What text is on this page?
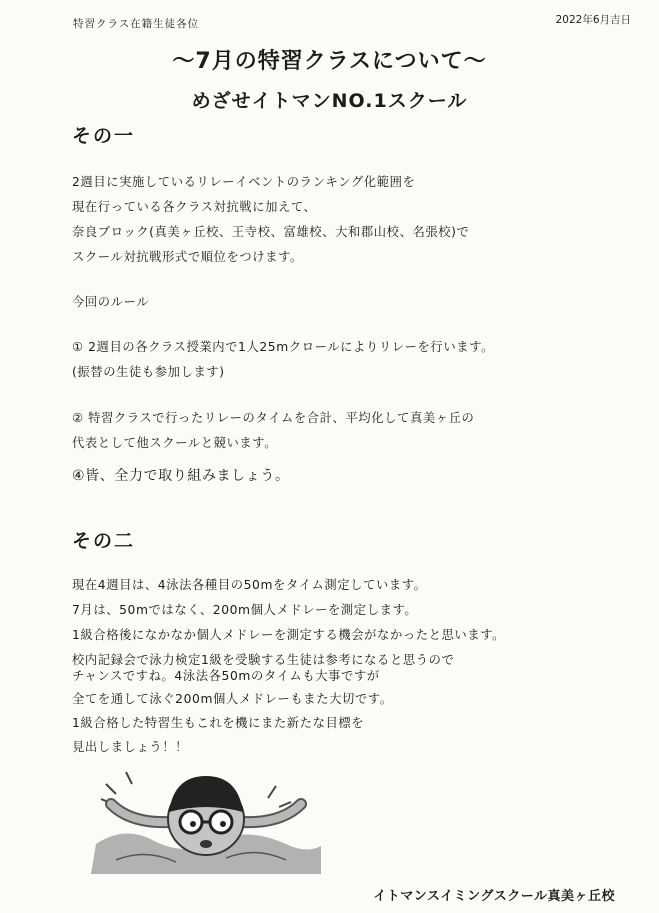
特習クラス在籍生徒各位	2022年6月吉日
～7月の特習クラスについて～
めざせイトマンNO.1スクール
その一
2週目に実施しているリレーイベントのランキング化範囲を
現在行っている各クラス対抗戦に加えて、
奈良ブロック(真美ヶ丘校、王寺校、富雄校、大和郡山校、名張校)で
スクール対抗戦形式で順位をつけます。
今回のルール
① 2週目の各クラス授業内で1人25mクロールによりリレーを行います。
(振替の生徒も参加します)
② 特習クラスで行ったリレーのタイムを合計、平均化して真美ヶ丘の
代表として他スクールと競います。
④皆、全力で取り組みましょう。
その二
現在4週目は、4泳法各種目の50mをタイム測定しています。
7月は、50mではなく、200m個人メドレーを測定します。
1級合格後になかなか個人メドレーを測定する機会がなかったと思います。
校内記録会で泳力検定1級を受験する生徒は参考になると思うので
チャンスですね。4泳法各50mのタイムも大事ですが
全てを通して泳ぐ200m個人メドレーもまた大切です。
1級合格した特習生もこれを機にまた新たな目標を
見出しましょう！！
イトマンスイミングスクール真美ヶ丘校
